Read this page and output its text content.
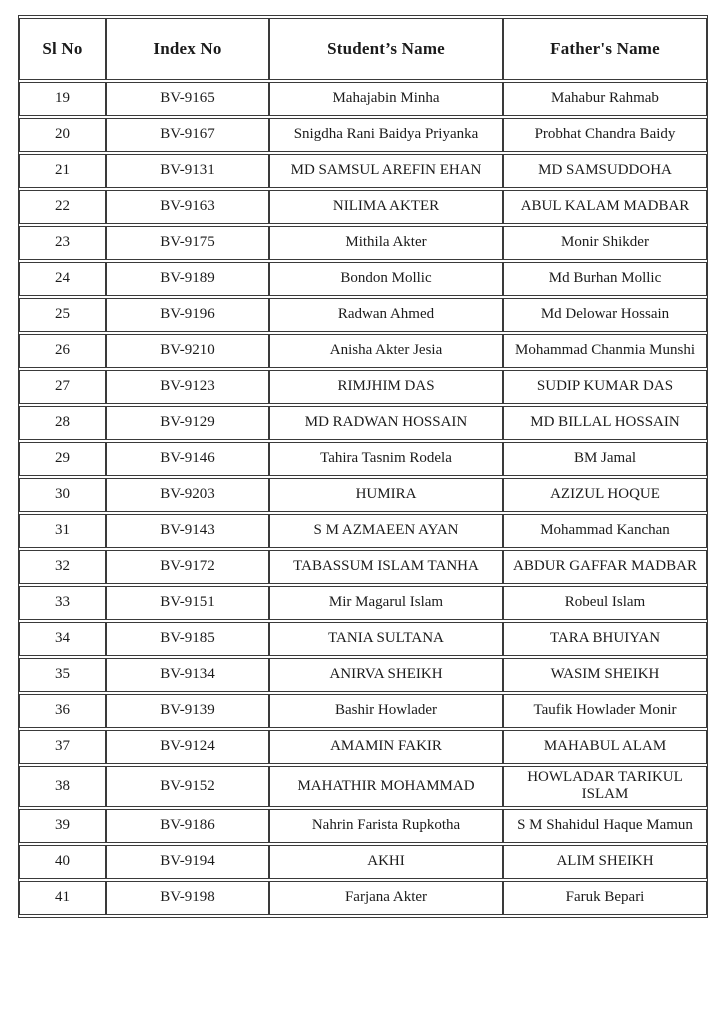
Sl No	Index No	Student’s Name	Father's Name
19	BV-9165	Mahajabin Minha	Mahabur Rahmab
20	BV-9167	Snigdha Rani Baidya Priyanka	Probhat Chandra Baidy
21	BV-9131	MD SAMSUL AREFIN EHAN	MD SAMSUDDOHA
22	BV-9163	NILIMA AKTER	ABUL KALAM MADBAR
23	BV-9175	Mithila Akter	Monir Shikder
24	BV-9189	Bondon Mollic	Md Burhan Mollic
25	BV-9196	Radwan Ahmed	Md Delowar Hossain
26	BV-9210	Anisha Akter Jesia	Mohammad Chanmia Munshi
27	BV-9123	RIMJHIM DAS	SUDIP KUMAR DAS
28	BV-9129	MD RADWAN HOSSAIN	MD BILLAL HOSSAIN
29	BV-9146	Tahira Tasnim Rodela	BM Jamal
30	BV-9203	HUMIRA	AZIZUL HOQUE
31	BV-9143	S M AZMAEEN AYAN	Mohammad Kanchan
32	BV-9172	TABASSUM ISLAM TANHA	ABDUR GAFFAR MADBAR
33	BV-9151	Mir Magarul Islam	Robeul Islam
34	BV-9185	TANIA SULTANA	TARA BHUIYAN
35	BV-9134	ANIRVA SHEIKH	WASIM SHEIKH
36	BV-9139	Bashir Howlader	Taufik Howlader Monir
37	BV-9124	AMAMIN FAKIR	MAHABUL ALAM
38	BV-9152	MAHATHIR MOHAMMAD	HOWLADAR TARIKUL ISLAM
39	BV-9186	Nahrin Farista Rupkotha	S M Shahidul Haque Mamun
40	BV-9194	AKHI	ALIM SHEIKH
41	BV-9198	Farjana Akter	Faruk Bepari
